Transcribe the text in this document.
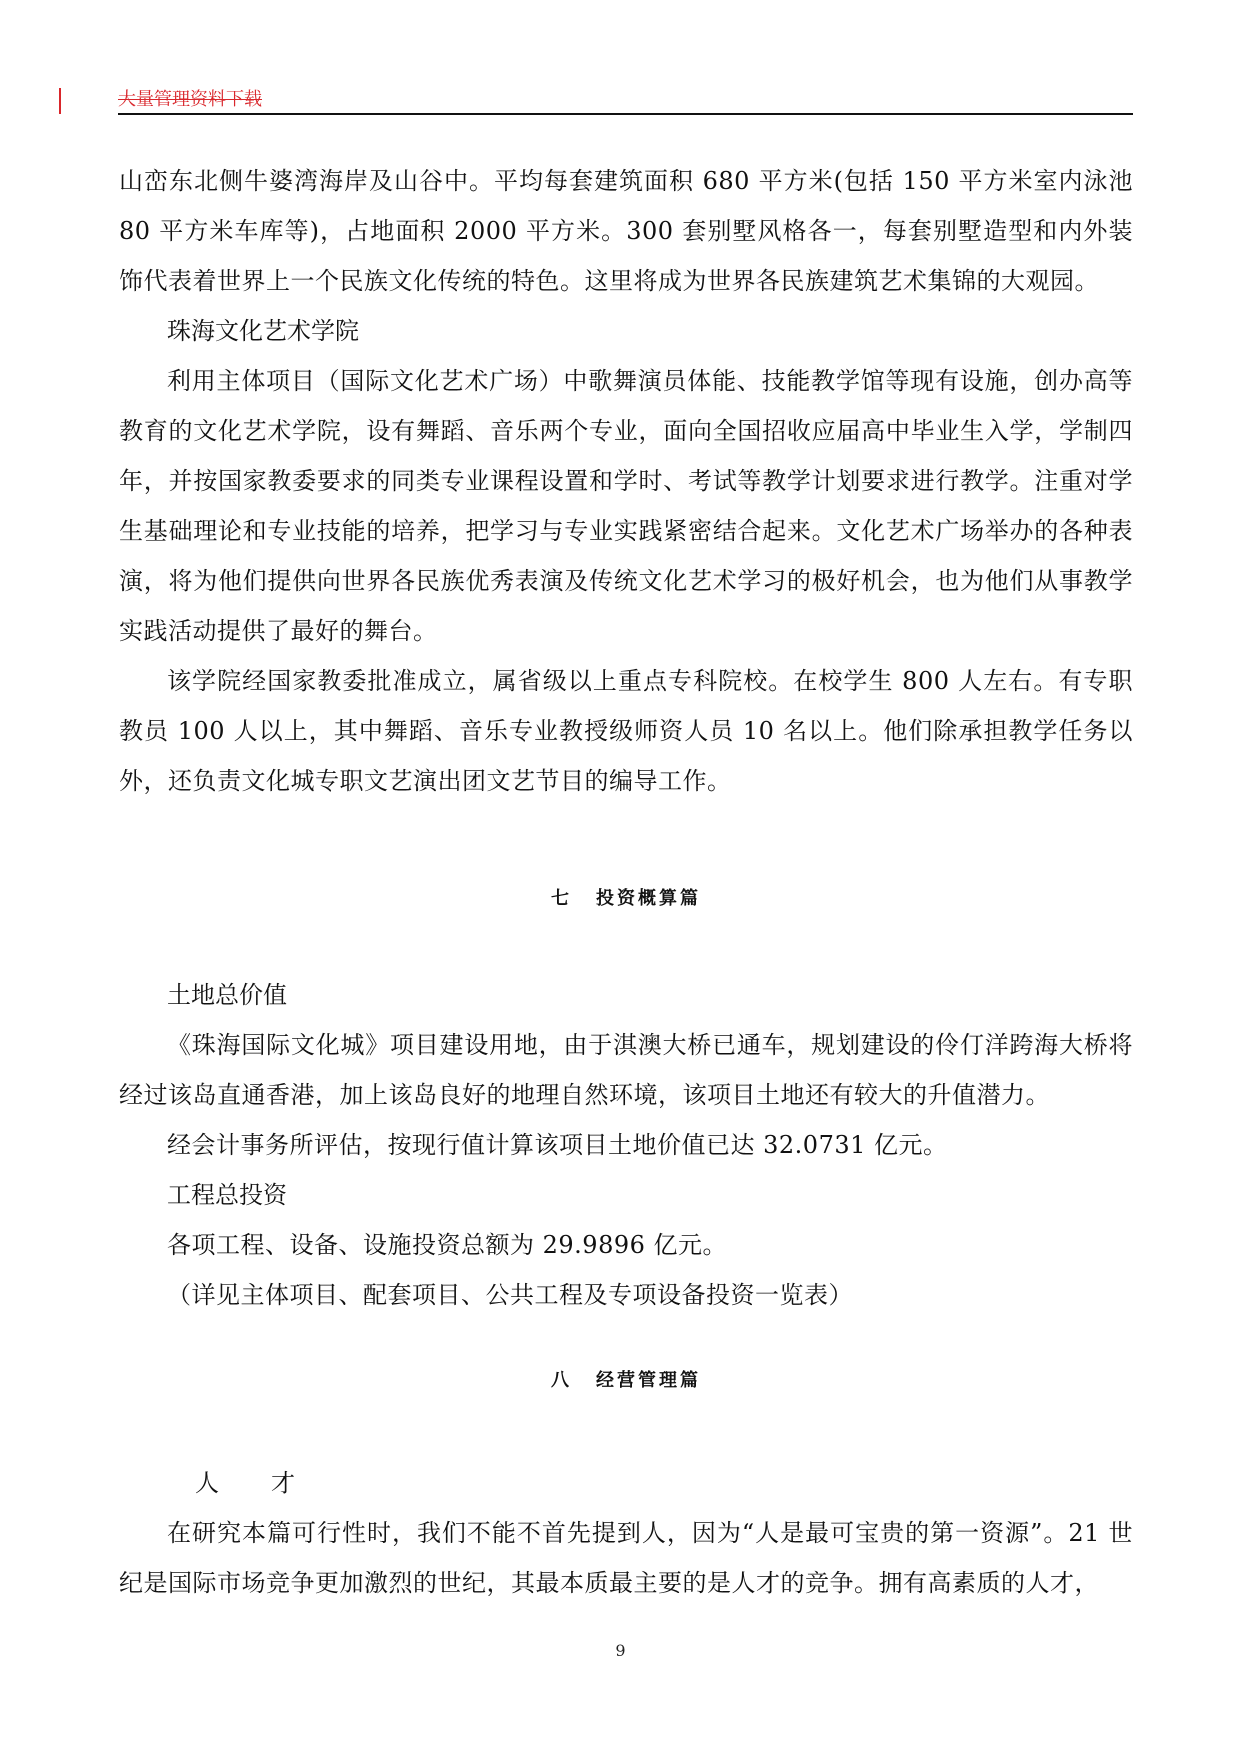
大量管理资料下载

山峦东北侧牛婆湾海岸及山谷中。平均每套建筑面积 680 平方米(包括 150 平方米室内泳池 80 平方米车库等)，占地面积 2000 平方米。300 套别墅风格各一，每套别墅造型和内外装饰代表着世界上一个民族文化传统的特色。这里将成为世界各民族建筑艺术集锦的大观园。

珠海文化艺术学院

利用主体项目（国际文化艺术广场）中歌舞演员体能、技能教学馆等现有设施，创办高等教育的文化艺术学院，设有舞蹈、音乐两个专业，面向全国招收应届高中毕业生入学，学制四年，并按国家教委要求的同类专业课程设置和学时、考试等教学计划要求进行教学。注重对学生基础理论和专业技能的培养，把学习与专业实践紧密结合起来。文化艺术广场举办的各种表演，将为他们提供向世界各民族优秀表演及传统文化艺术学习的极好机会，也为他们从事教学实践活动提供了最好的舞台。

该学院经国家教委批准成立，属省级以上重点专科院校。在校学生 800 人左右。有专职教员 100 人以上，其中舞蹈、音乐专业教授级师资人员 10 名以上。他们除承担教学任务以外，还负责文化城专职文艺演出团文艺节目的编导工作。

七 投资概算篇

土地总价值

《珠海国际文化城》项目建设用地，由于淇澳大桥已通车，规划建设的伶仃洋跨海大桥将经过该岛直通香港，加上该岛良好的地理自然环境，该项目土地还有较大的升值潜力。

经会计事务所评估，按现行值计算该项目土地价值已达 32.0731 亿元。

工程总投资

各项工程、设备、设施投资总额为 29.9896 亿元。

（详见主体项目、配套项目、公共工程及专项设备投资一览表）

八 经营管理篇

人 才

在研究本篇可行性时，我们不能不首先提到人，因为“人是最可宝贵的第一资源”。21 世纪是国际市场竞争更加激烈的世纪，其最本质最主要的是人才的竞争。拥有高素质的人才，

9
